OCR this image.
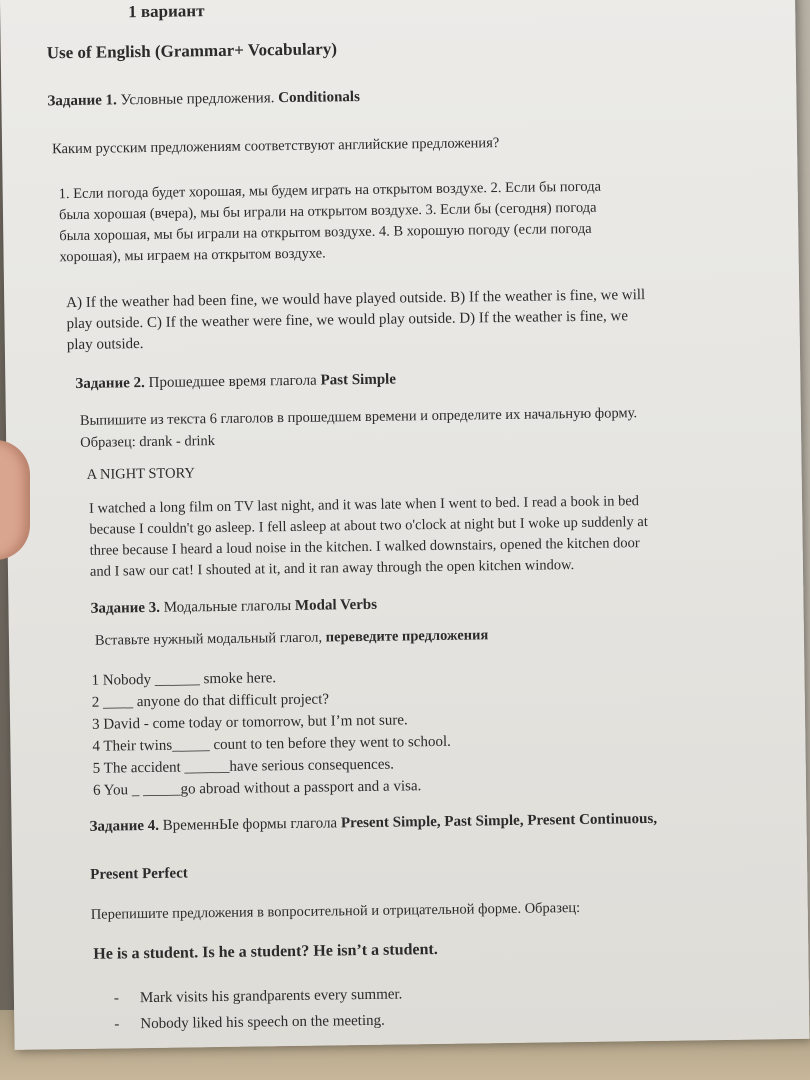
1 вариант
Use of English (Grammar+ Vocabulary)
Задание 1. Условные предложения. Conditionals
Каким русским предложениям соответствуют английские предложения?
1. Если погода будет хорошая, мы будем играть на открытом воздухе. 2. Если бы погода
была хорошая (вчера), мы бы играли на открытом воздухе. 3. Если бы (сегодня) погода
была хорошая, мы бы играли на открытом воздухе. 4. В хорошую погоду (если погода
хорошая), мы играем на открытом воздухе.
A) If the weather had been fine, we would have played outside. B) If the weather is fine, we will
play outside. C) If the weather were fine, we would play outside. D) If the weather is fine, we
play outside.
Задание 2. Прошедшее время глагола Past Simple
Выпишите из текста 6 глаголов в прошедшем времени и определите их начальную форму.
Образец: drank - drink
A NIGHT STORY
I watched a long film on TV last night, and it was late when I went to bed. I read a book in bed
because I couldn't go asleep. I fell asleep at about two o'clock at night but I woke up suddenly at
three because I heard a loud noise in the kitchen. I walked downstairs, opened the kitchen door
and I saw our cat! I shouted at it, and it ran away through the open kitchen window.
Задание 3. Модальные глаголы Modal Verbs
Вставьте нужный модальный глагол, переведите предложения
1 Nobody ______ smoke here.
2 ____ anyone do that difficult project?
3 David - come today or tomorrow, but I’m not sure.
4 Their twins_____ count to ten before they went to school.
5 The accident ______have serious consequences.
6 You _ _____go abroad without a passport and a visa.
Задание 4. ВременнЫе формы глагола Present Simple, Past Simple, Present Continuous,
Present Perfect
Перепишите предложения в вопросительной и отрицательной форме. Образец:
He is a student. Is he a student? He isn’t a student.
- Mark visits his grandparents every summer.
- Nobody liked his speech on the meeting.
